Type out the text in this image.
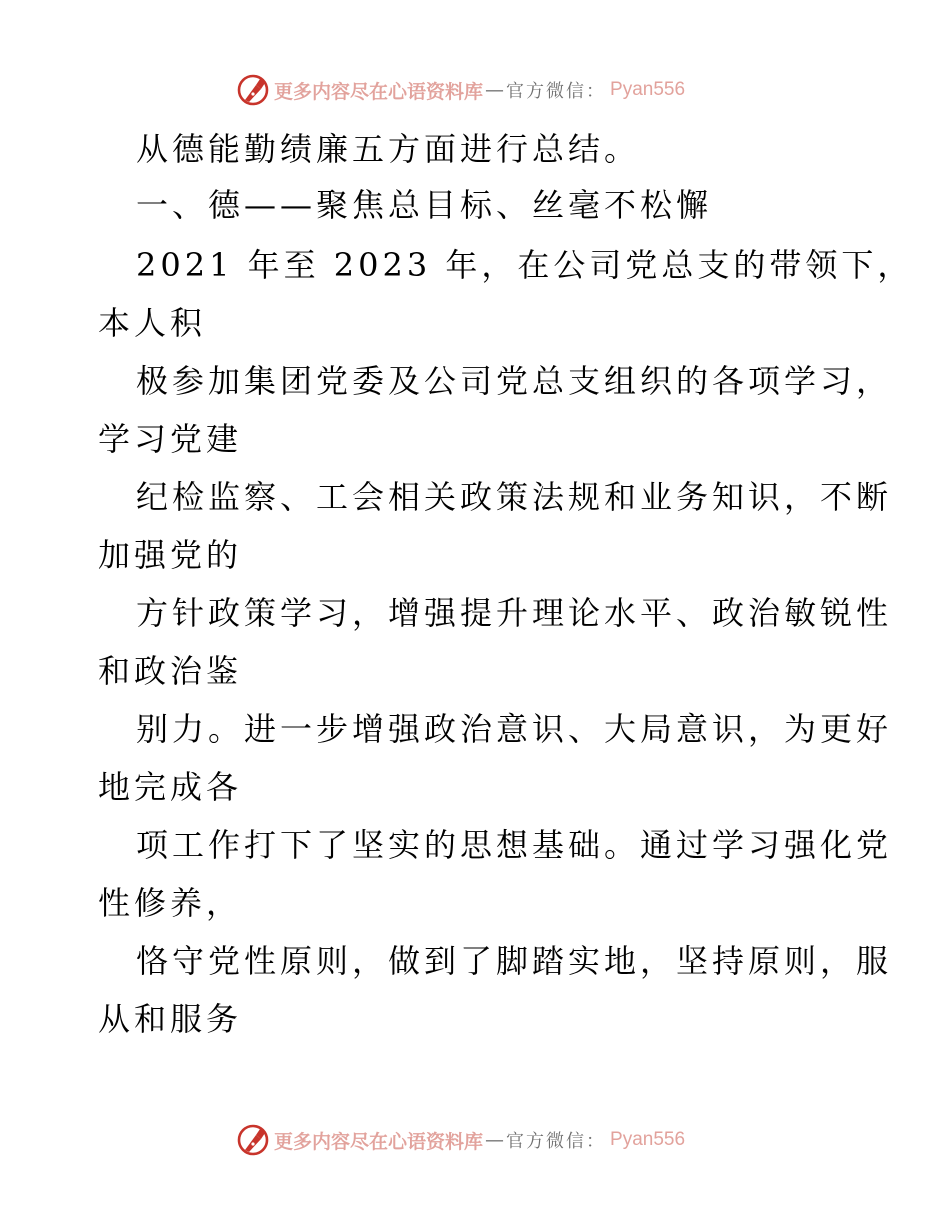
更多内容尽在心语资料库 — 官方微信 ： Pyan556

从德能勤绩廉五方面进行总结。

一、德——聚焦总目标、丝毫不松懈

2021 年至 2023 年，在公司党总支的带领下，

本人积

极参加集团党委及公司党总支组织的各项学习，

学习党建

纪检监察、工会相关政策法规和业务知识，不断

加强党的

方针政策学习，增强提升理论水平、政治敏锐性

和政治鉴

别力。进一步增强政治意识、大局意识，为更好

地完成各

项工作打下了坚实的思想基础。通过学习强化党

性修养，

恪守党性原则，做到了脚踏实地，坚持原则，服

从和服务

更多内容尽在心语资料库 — 官方微信 ： Pyan556
